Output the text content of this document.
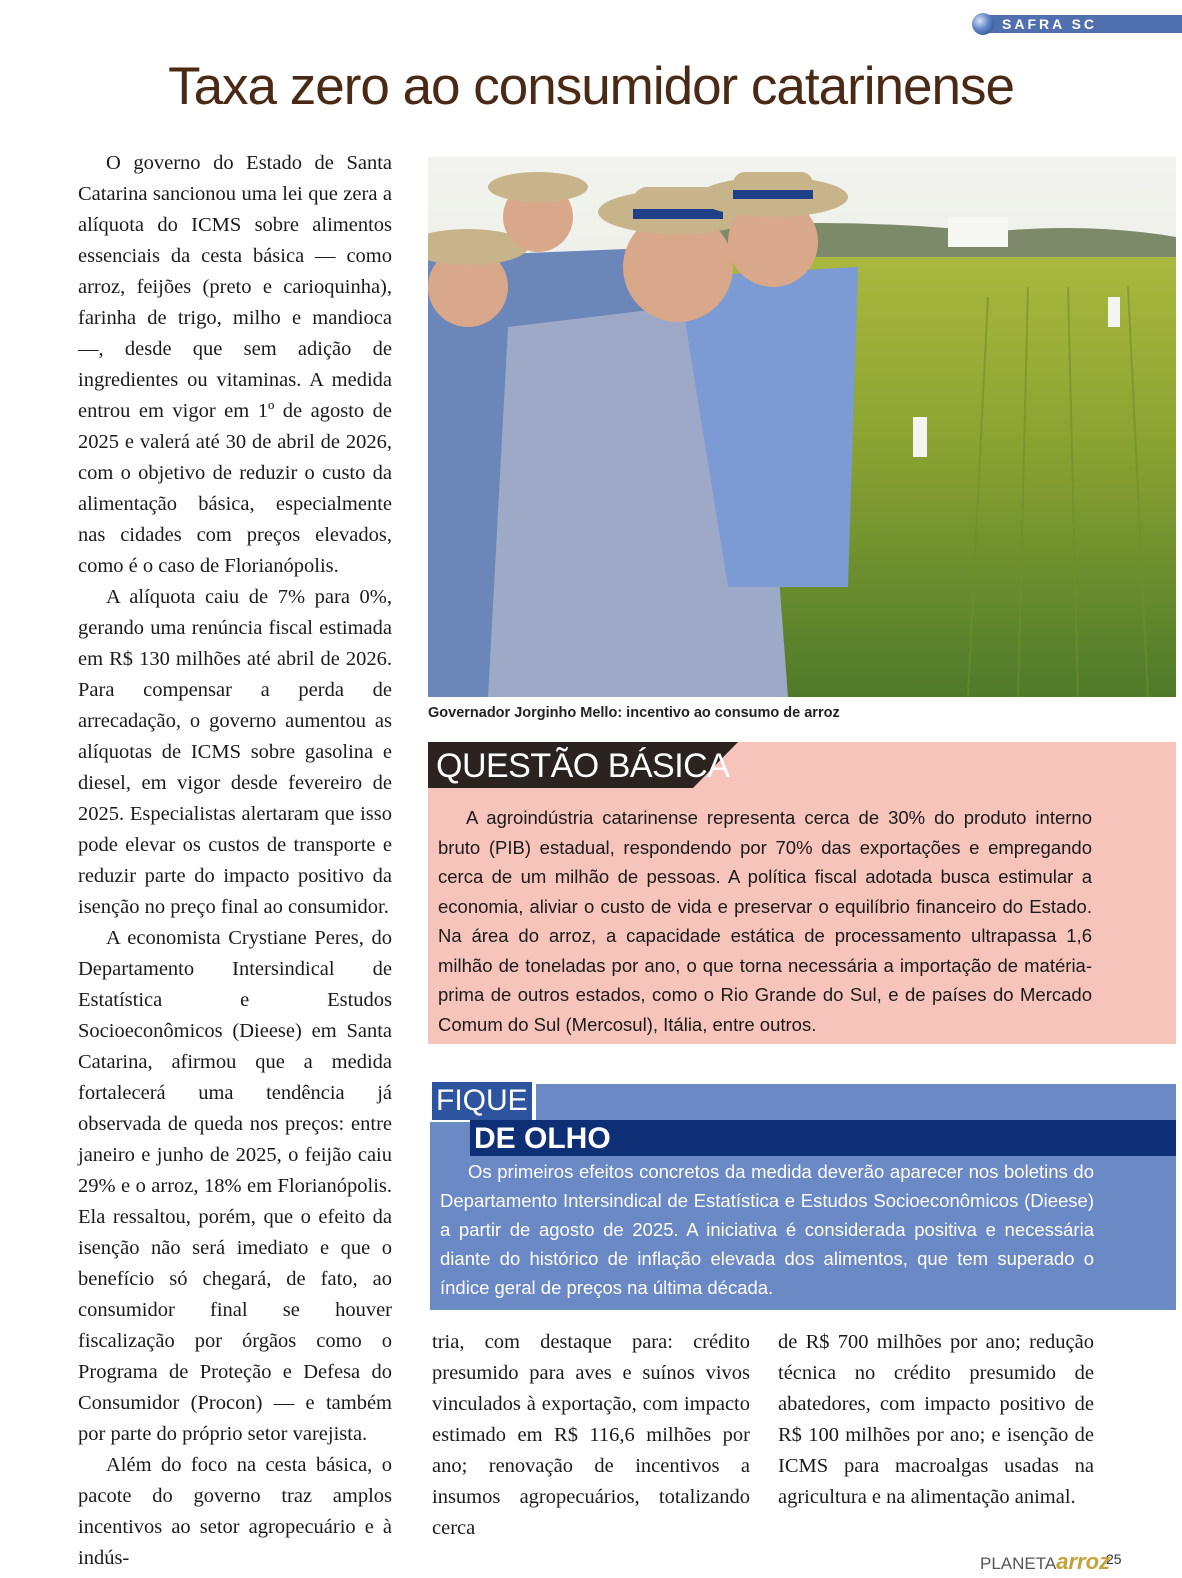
SAFRA SC
Taxa zero ao consumidor catarinense

O governo do Estado de Santa Catarina sancionou uma lei que zera a alíquota do ICMS sobre alimentos essenciais da cesta básica — como arroz, feijões (preto e carioquinha), farinha de trigo, milho e mandioca —, desde que sem adição de ingredientes ou vitaminas. A medida entrou em vigor em 1º de agosto de 2025 e valerá até 30 de abril de 2026, com o objetivo de reduzir o custo da alimentação básica, especialmente nas cidades com preços elevados, como é o caso de Florianópolis.

A alíquota caiu de 7% para 0%, gerando uma renúncia fiscal estimada em R$ 130 milhões até abril de 2026. Para compensar a perda de arrecadação, o governo aumentou as alíquotas de ICMS sobre gasolina e diesel, em vigor desde fevereiro de 2025. Especialistas alertaram que isso pode elevar os custos de transporte e reduzir parte do impacto positivo da isenção no preço final ao consumidor.

A economista Crystiane Peres, do Departamento Intersindical de Estatística e Estudos Socioeconômicos (Dieese) em Santa Catarina, afirmou que a medida fortalecerá uma tendência já observada de queda nos preços: entre janeiro e junho de 2025, o feijão caiu 29% e o arroz, 18% em Florianópolis. Ela ressaltou, porém, que o efeito da isenção não será imediato e que o benefício só chegará, de fato, ao consumidor final se houver fiscalização por órgãos como o Programa de Proteção e Defesa do Consumidor (Procon) — e também por parte do próprio setor varejista.

Além do foco na cesta básica, o pacote do governo traz amplos incentivos ao setor agropecuário e à indús-

Governador Jorginho Mello: incentivo ao consumo de arroz
QUESTÃO BÁSICA

A agroindústria catarinense representa cerca de 30% do produto interno bruto (PIB) estadual, respondendo por 70% das exportações e empregando cerca de um milhão de pessoas. A política fiscal adotada busca estimular a economia, aliviar o custo de vida e preservar o equilíbrio financeiro do Estado. Na área do arroz, a capacidade estática de processamento ultrapassa 1,6 milhão de toneladas por ano, o que torna necessária a importação de matéria-prima de outros estados, como o Rio Grande do Sul, e de países do Mercado Comum do Sul (Mercosul), Itália, entre outros.

FIQUE
DE OLHO

Os primeiros efeitos concretos da medida deverão aparecer nos boletins do Departamento Intersindical de Estatística e Estudos Socioeconômicos (Dieese) a partir de agosto de 2025. A iniciativa é considerada positiva e necessária diante do histórico de inflação elevada dos alimentos, que tem superado o índice geral de preços na última década.

tria, com destaque para: crédito presumido para aves e suínos vivos vinculados à exportação, com impacto estimado em R$ 116,6 milhões por ano; renovação de incentivos a insumos agropecuários, totalizando cerca

de R$ 700 milhões por ano; redução técnica no crédito presumido de abatedores, com impacto positivo de R$ 100 milhões por ano; e isenção de ICMS para macroalgas usadas na agricultura e na alimentação animal.

PLANETAarroz
25
